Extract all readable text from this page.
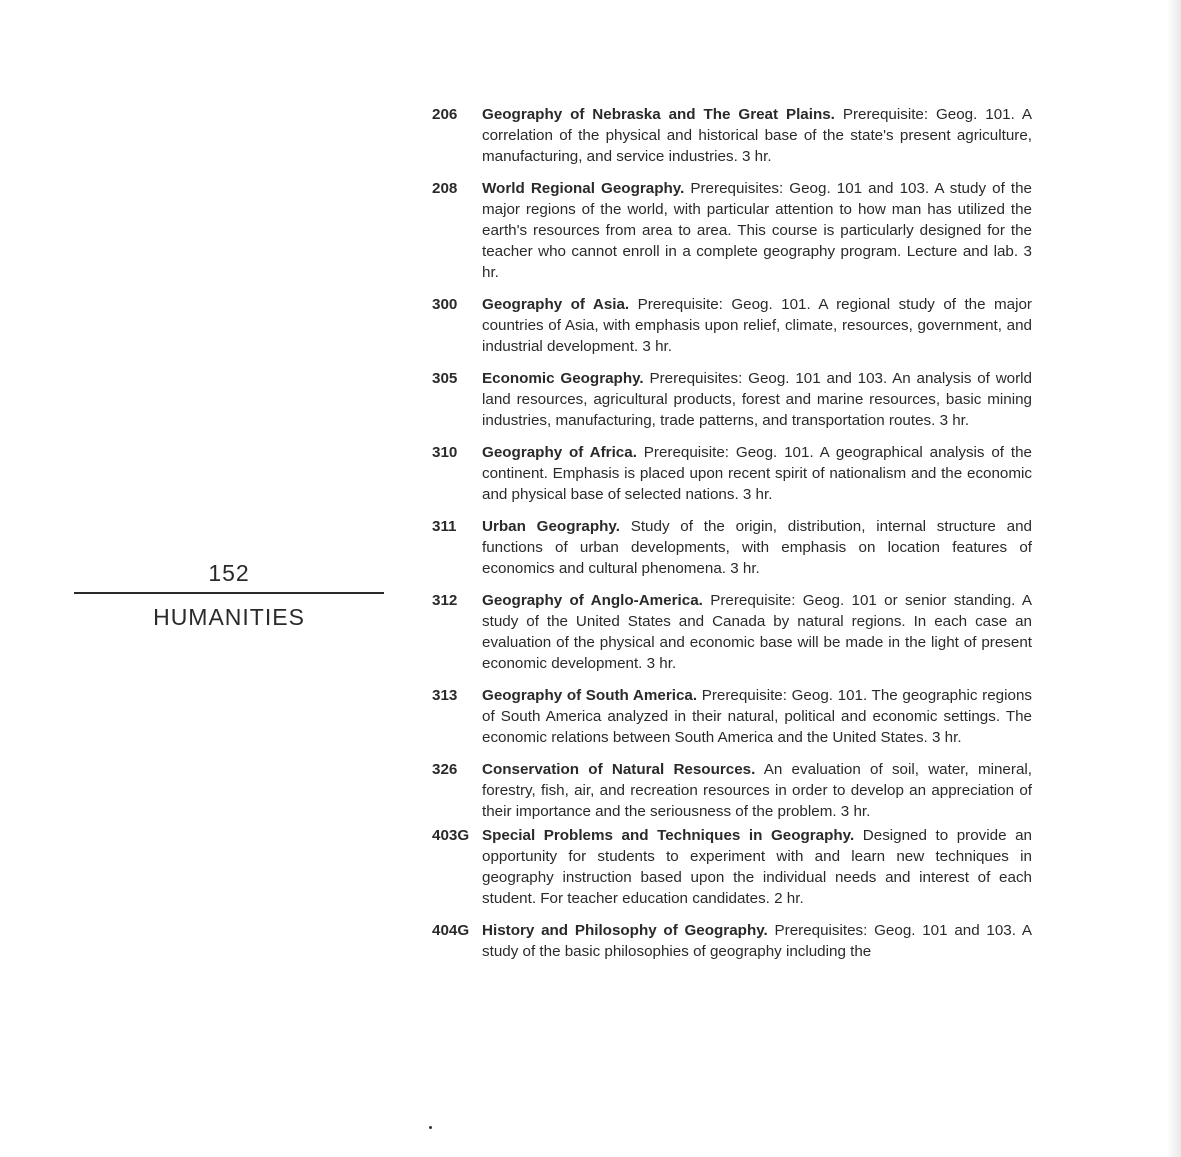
152
HUMANITIES
206	Geography of Nebraska and The Great Plains. Prerequisite: Geog. 101. A correlation of the physical and historical base of the state's present agriculture, manufacturing, and service industries. 3 hr.
208	World Regional Geography. Prerequisites: Geog. 101 and 103. A study of the major regions of the world, with particular attention to how man has utilized the earth's resources from area to area. This course is particularly designed for the teacher who cannot enroll in a complete geography program. Lecture and lab. 3 hr.
300	Geography of Asia. Prerequisite: Geog. 101. A regional study of the major countries of Asia, with emphasis upon relief, climate, resources, government, and industrial development. 3 hr.
305	Economic Geography. Prerequisites: Geog. 101 and 103. An analysis of world land resources, agricultural products, forest and marine resources, basic mining industries, manufacturing, trade patterns, and transportation routes. 3 hr.
310	Geography of Africa. Prerequisite: Geog. 101. A geographical analysis of the continent. Emphasis is placed upon recent spirit of nationalism and the economic and physical base of selected nations. 3 hr.
311	Urban Geography. Study of the origin, distribution, internal structure and functions of urban developments, with emphasis on location features of economics and cultural phenomena. 3 hr.
312	Geography of Anglo-America. Prerequisite: Geog. 101 or senior standing. A study of the United States and Canada by natural regions. In each case an evaluation of the physical and economic base will be made in the light of present economic development. 3 hr.
313	Geography of South America. Prerequisite: Geog. 101. The geographic regions of South America analyzed in their natural, political and economic settings. The economic relations between South America and the United States. 3 hr.
326	Conservation of Natural Resources. An evaluation of soil, water, mineral, forestry, fish, air, and recreation resources in order to develop an appreciation of their importance and the seriousness of the problem. 3 hr.
403G Special Problems and Techniques in Geography. Designed to provide an opportunity for students to experiment with and learn new techniques in geography instruction based upon the individual needs and interest of each student. For teacher education candidates. 2 hr.
404G History and Philosophy of Geography. Prerequisites: Geog. 101 and 103. A study of the basic philosophies of geography including the
